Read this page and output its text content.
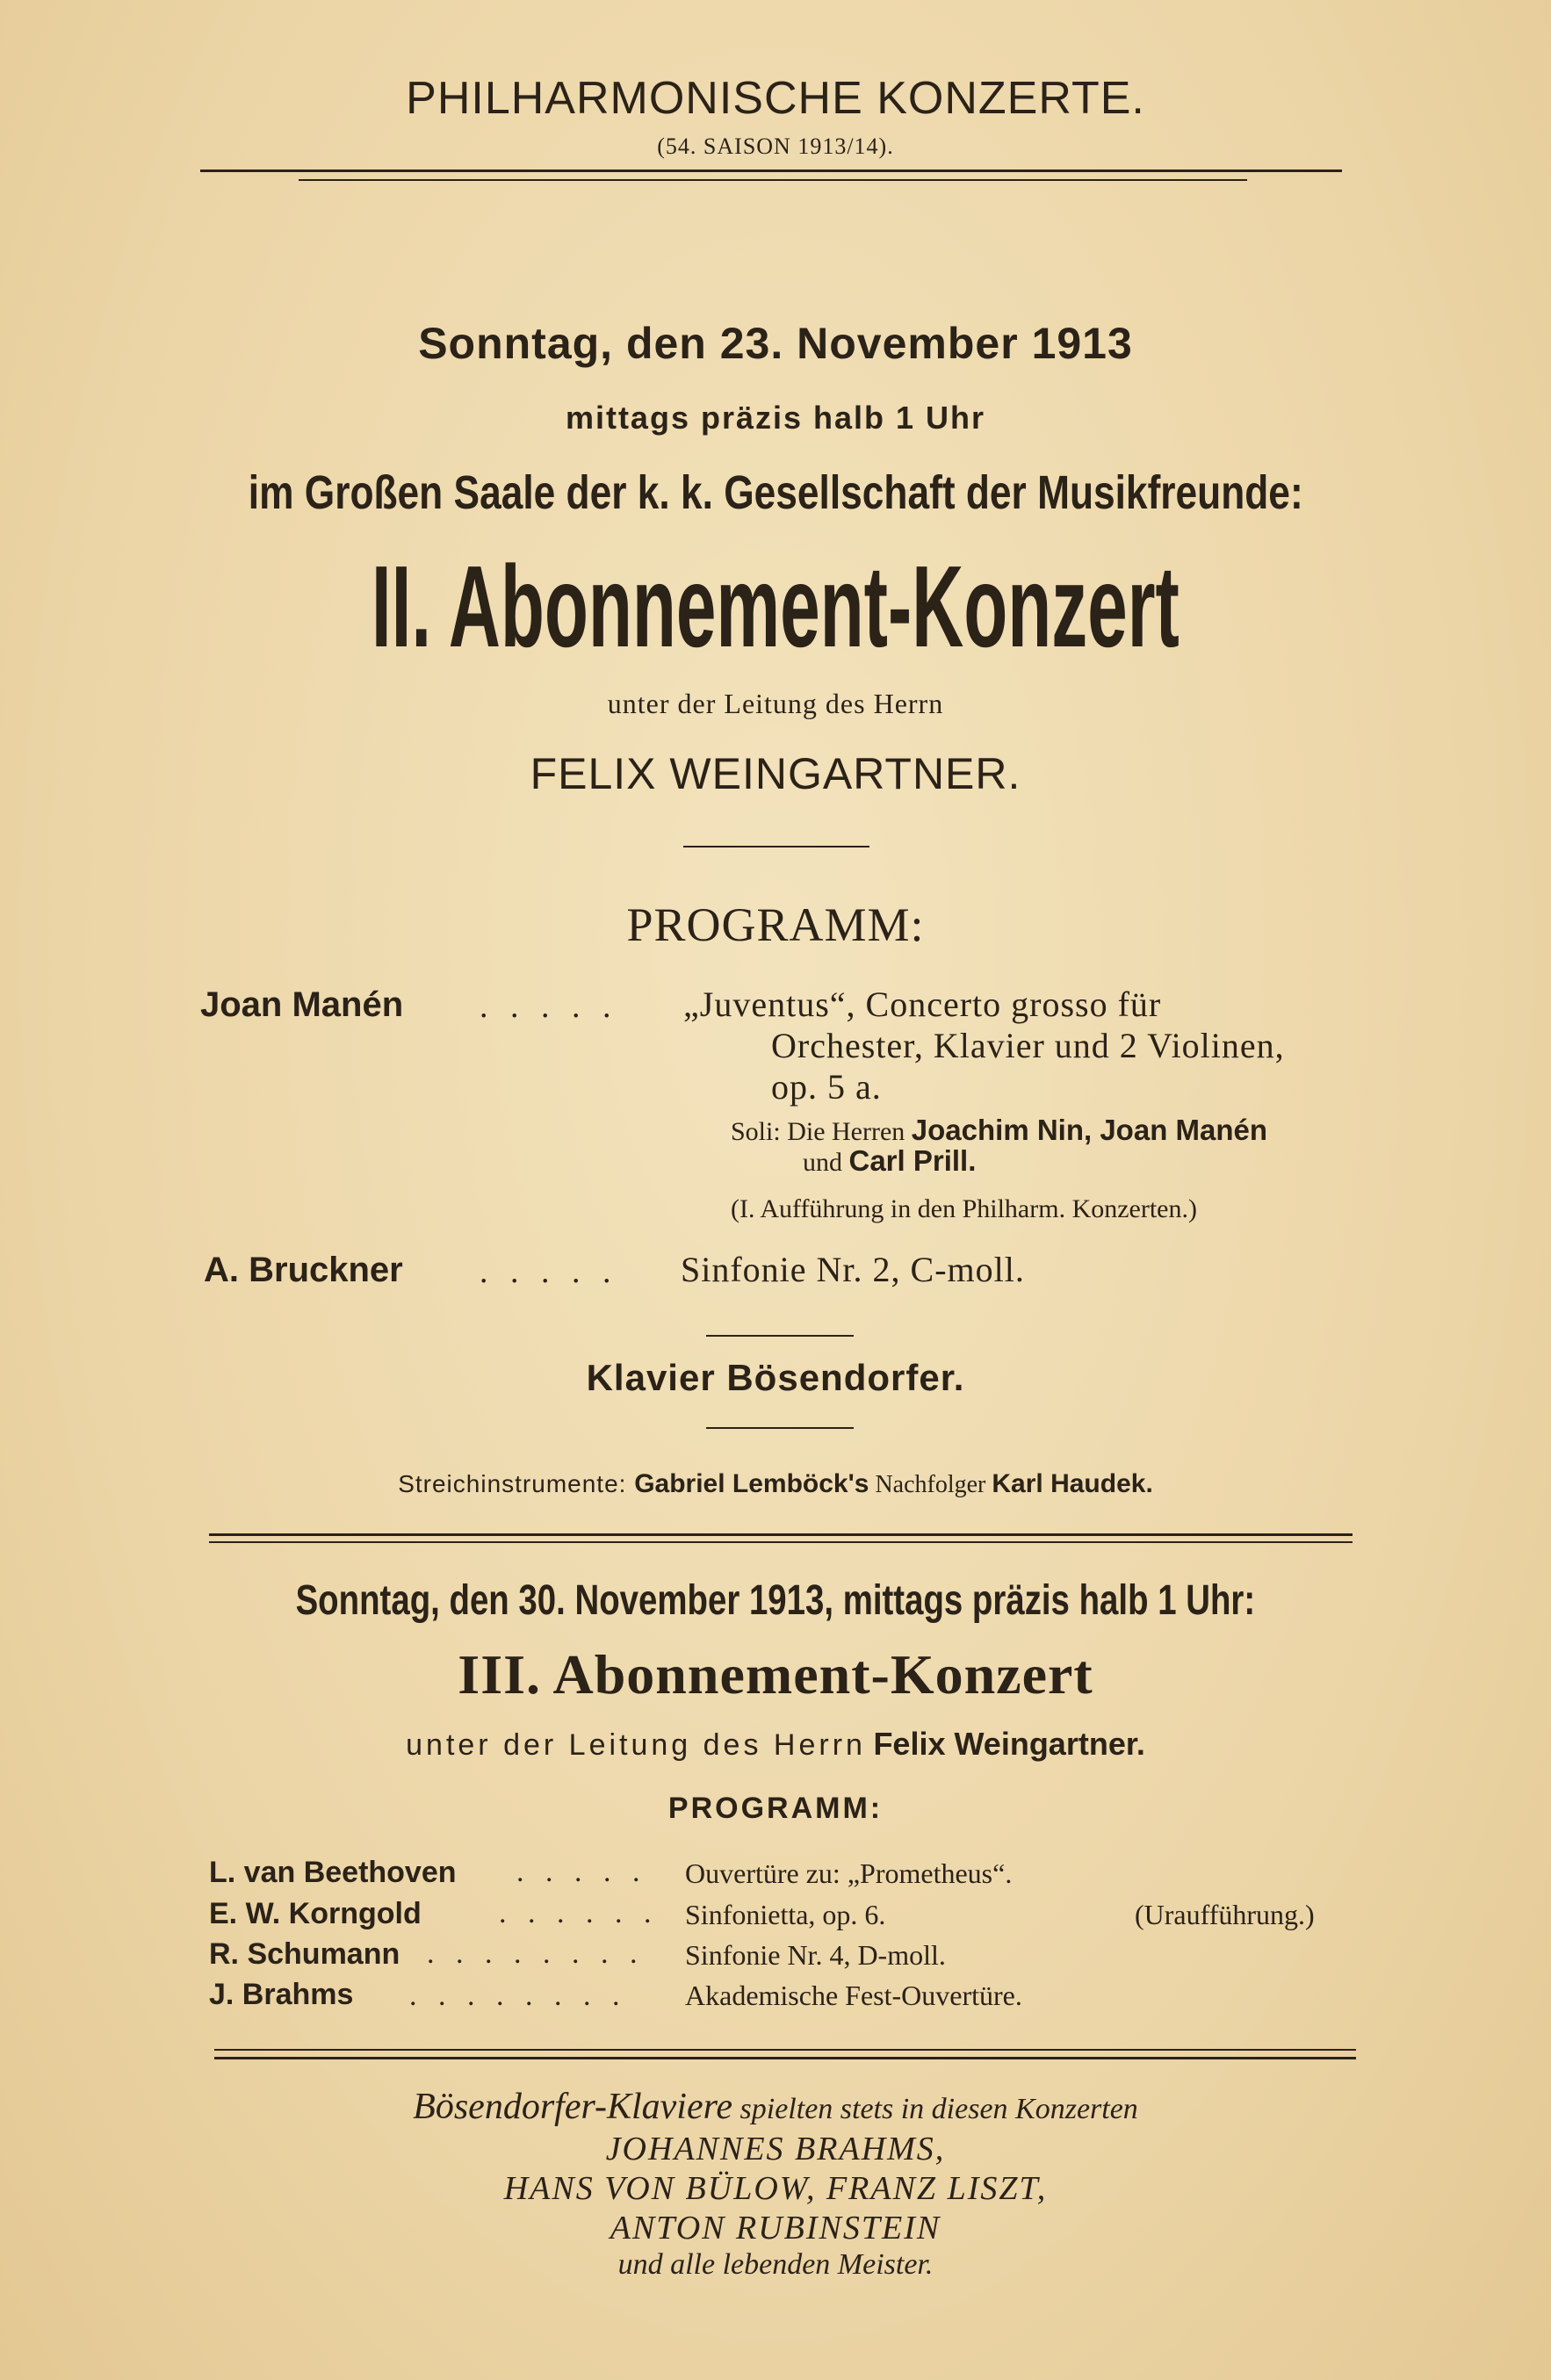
PHILHARMONISCHE KONZERTE.
(54. SAISON 1913/14).
Sonntag, den 23. November 1913
mittags präzis halb 1 Uhr
im Großen Saale der k. k. Gesellschaft der Musikfreunde:
II. Abonnement-Konzert
unter der Leitung des Herrn
FELIX WEINGARTNER.
PROGRAMM:
Joan Manén . . . . . „Juventus“, Concerto grosso für
Orchester, Klavier und 2 Violinen,
op. 5 a.
Soli: Die Herren Joachim Nin, Joan Manén
und Carl Prill.
(I. Aufführung in den Philharm. Konzerten.)
A. Bruckner . . . . . Sinfonie Nr. 2, C-moll.
Klavier Bösendorfer.
Streichinstrumente: Gabriel Lemböck's Nachfolger Karl Haudek.
Sonntag, den 30. November 1913, mittags präzis halb 1 Uhr:
III. Abonnement-Konzert
unter der Leitung des Herrn Felix Weingartner.
PROGRAMM:
L. van Beethoven . . . . . Ouvertüre zu: „Prometheus“.
E. W. Korngold	. . . . . . Sinfonietta, op. 6.	(Uraufführung.)
R. Schumann . . . . . . . . Sinfonie Nr. 4, D-moll.
J. Brahms . . . . . . . . Akademische Fest-Ouvertüre.
Bösendorfer-Klaviere spielten stets in diesen Konzerten
JOHANNES BRAHMS,
HANS VON BÜLOW, FRANZ LISZT,
ANTON RUBINSTEIN
und alle lebenden Meister.
